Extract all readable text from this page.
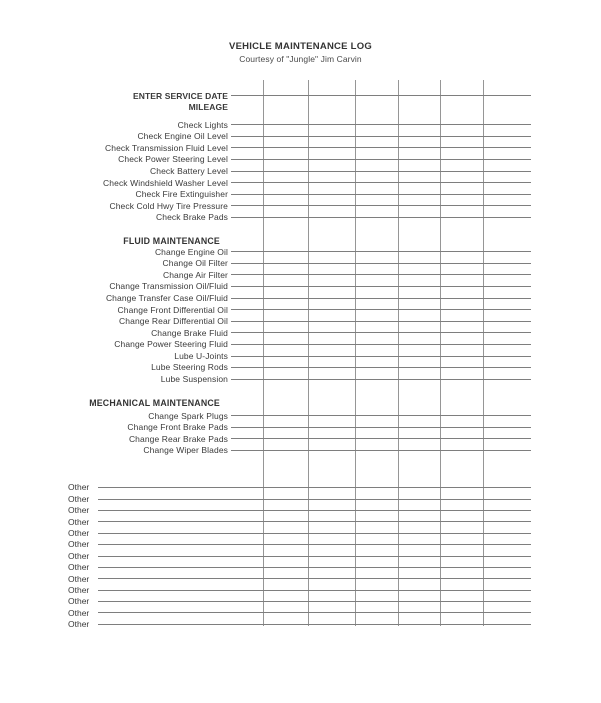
VEHICLE MAINTENANCE LOG
Courtesy of "Jungle" Jim Carvin
ENTER SERVICE DATE
MILEAGE
Check Lights
Check Engine Oil Level
Check Transmission Fluid Level
Check Power Steering Level
Check Battery Level
Check Windshield Washer Level
Check Fire Extinguisher
Check Cold Hwy Tire Pressure
Check Brake Pads
FLUID MAINTENANCE
Change Engine Oil
Change Oil Filter
Change Air Filter
Change Transmission Oil/Fluid
Change Transfer Case Oil/Fluid
Change Front Differential Oil
Change Rear Differential Oil
Change Brake Fluid
Change Power Steering Fluid
Lube U-Joints
Lube Steering Rods
Lube Suspension
MECHANICAL MAINTENANCE
Change Spark Plugs
Change Front Brake Pads
Change Rear Brake Pads
Change Wiper Blades
Other
Other
Other
Other
Other
Other
Other
Other
Other
Other
Other
Other
Other
